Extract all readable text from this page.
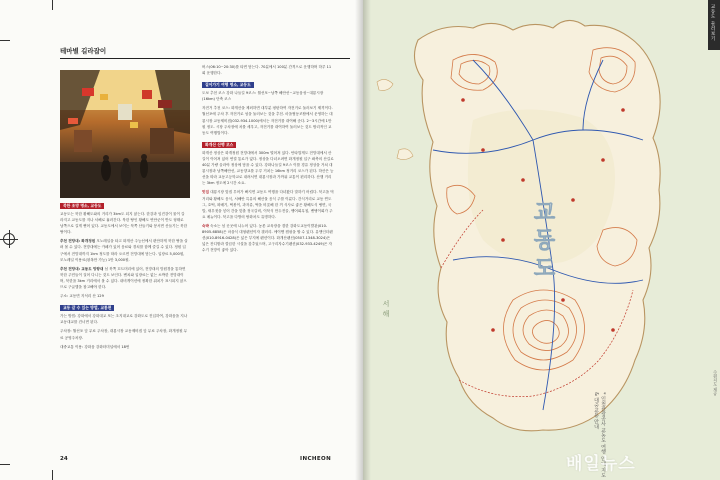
테마별 길라잡이
북한 조망 명소, 교동도

교동도는 북한 황해도와의 거리가 3km도 되지 않는다. 한강과 임진강이 물이 갈라지고 교동도를 지나 서해로 흘러간다. 북한 땅인 황해도 연안군이 반도 형태로 남쪽으로 길게 뻗어 있다. 교동도에서 보이는 북쪽 산들기와 봉서면 산들기는 북한 땅이다.

추천 전망대: 화개정원 모노레일을 타고 화개산 주능선에서 편안하게 북한 땅을 살펴 볼 수 있다. 전망대에는 카페가 있어 음료와 경치를 함께 즐길 수 있다. 정원 입구에서 전망대까지 1km 정도를 따라 오르면 전망대에 닿는다. 입장료 5,000원, 모노레일 이용료(왕복만 가능) 1만 3,000원.

추천 전망대: 교동도 망향대 섬 북쪽 끄트머리에 있어, 전망대의 망원경을 통하면 북한 주민들이 걸어 다니는 것도 보인다. 벤치와 입장료는 없는 소박한 전망대이며, 북한을 3km 거리에서 볼 수 있다. 내비게이션에 정확한 위치가 표시되지 않으므로 구글맵을 참고해야 한다.

주소: 교동면 지석리 산 129

교동 갈 수 있는 방법, 교통편

가는 방법: 강화에서 강화대교 또는 초지대교로 강화도로 진입하여, 강화읍을 지나 교동대교를 건너면 된다.

주차장: 월선포 앞 무료 주차장, 대룡시장 교동제비집 앞 무료 주차장, 화개정원 무료 공영주차장.

대중교통 이용: 강화읍 강화터미널에서 18번

버스(06:10~20:30)를 타면 닿는다. 70분에서 100분 간격으로 운행하며 하루 11회 운행한다.

걸어가기 여행 명소, 교동도

도보 추천 코스 강화 나들길 9코스: 월선포~남쪽 해안선~교동읍성~대룡시장 (16km) 단축 코스

자전거 추천 코스: 화개산을 제외하면 대부분 평탄하여 자전거로 둘러보기 제격이다. 월선포에 주차 후 자전거로 섬을 둘러보는 것을 추천. 마을협동조합에서 운영하는 대룡시장 교동제비집(032-934-1000)에서는 자전거를 대여해 준다. 2~3시간에 1만 원 정도. 시장 주차장에 차를 세우고, 자전거를 대여하여 둘러보는 것도 합리적인 교동도 여행법이다.

화개산 산행 코스

화개산 정상은 화개정원 전망대에서 300m 떨어져 있다. 안타깝게도 전망대에서 산길이 이어져 있어 연결 통로가 없다. 정상을 다녀오려면 화개정원 입구 좌측의 산길로 40분 가량 올라야 정상에 닿을 수 있다. 강화나들길 9코스 이를 경유 정상을 거쳐 대룡시장과 남쪽해안선, 교동향교를 두루 거치는 16km 정거리 코스가 된다. 하산은 능선을 따라 교동고등학교로 내려서면 대룡시장과 가까워 교통이 편리하다. 산행 거리는 3km 정도에 2시간 소요.

맛집 대룡시장 맛집 투어가 빠지면 교동도 여행을 다녀왔다 말하기 어렵다. 북고을 먹거리와 황해도 음식, 서해안 특유의 해산물 음식 주를 이룬다. 간식거리로 교동 찐도그, 호떡, 꽈배기, 떡볶이, 과자류, 떡을 비롯해 한 끼 식사로 좋은 황해도식 냉면, 국밥, 새우젓을 넣어 간을 맞춘 젓국갈비, 이북식 만두전골, 뱅어회무침, 밴댕이회가 주요 메뉴이다. 북고을 다방의 쌍화차도 유명하다.

숙박 숙소는 섬 곳곳에 나누어 있다. 농촌 교육장을 겸한 강화도교동이발관(010-8905-6858)은 마을식 대형펜션이자 갤러리. 에이엔 캠핑을 할 수 있다. 유앤인더펜션(010-8916-0428)은 넓은 부지에 펜션이다. 화개산펜션(0507-1348-3024)은 넓은 잔디밭과 깔끔한 시설을 갖추었으며, 고구리자수기펜션(032-933-4249)은 자수기 전망이 좋아 있다.

24	INCHEON
교동도
서해
교동도 둘러보기
수원지도 제공
* 인천관광공사 교동도 여행 안내 지도 & 대중교통 안내
배일뉴스
